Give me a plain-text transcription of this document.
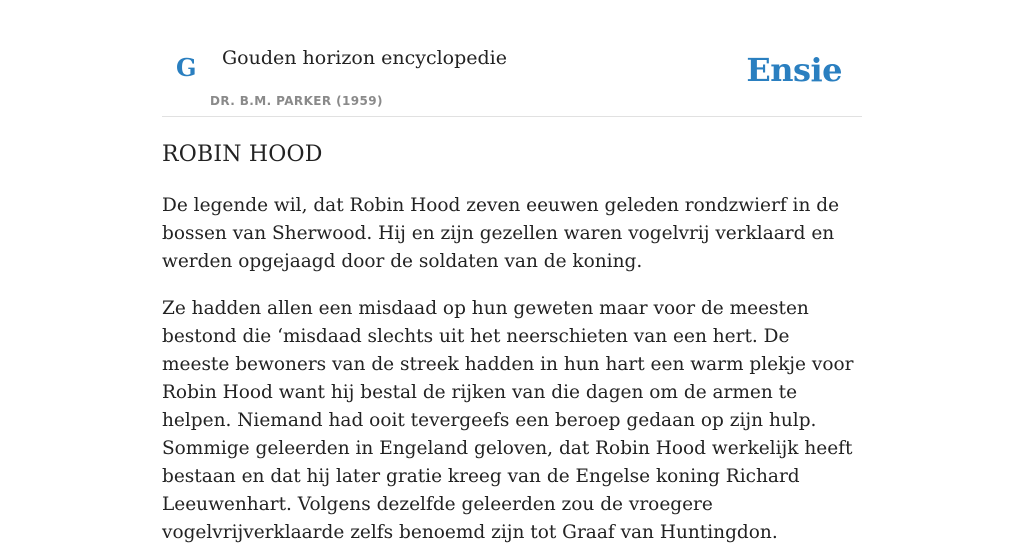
G Gouden horizon encyclopedie
DR. B.M. PARKER (1959)
Ensie
ROBIN HOOD

De legende wil, dat Robin Hood zeven eeuwen geleden rondzwierf in de bossen van Sherwood. Hij en zijn gezellen waren vogelvrij verklaard en werden opgejaagd door de soldaten van de koning.

Ze hadden allen een misdaad op hun geweten maar voor de meesten bestond die ‘misdaad slechts uit het neerschieten van een hert. De meeste bewoners van de streek hadden in hun hart een warm plekje voor Robin Hood want hij bestal de rijken van die dagen om de armen te helpen. Niemand had ooit tevergeefs een beroep gedaan op zijn hulp. Sommige geleerden in Engeland geloven, dat Robin Hood werkelijk heeft bestaan en dat hij later gratie kreeg van de Engelse koning Richard Leeuwenhart. Volgens dezelfde geleerden zou de vroegere vogelvrijverklaarde zelfs benoemd zijn tot Graaf van Huntingdon.
